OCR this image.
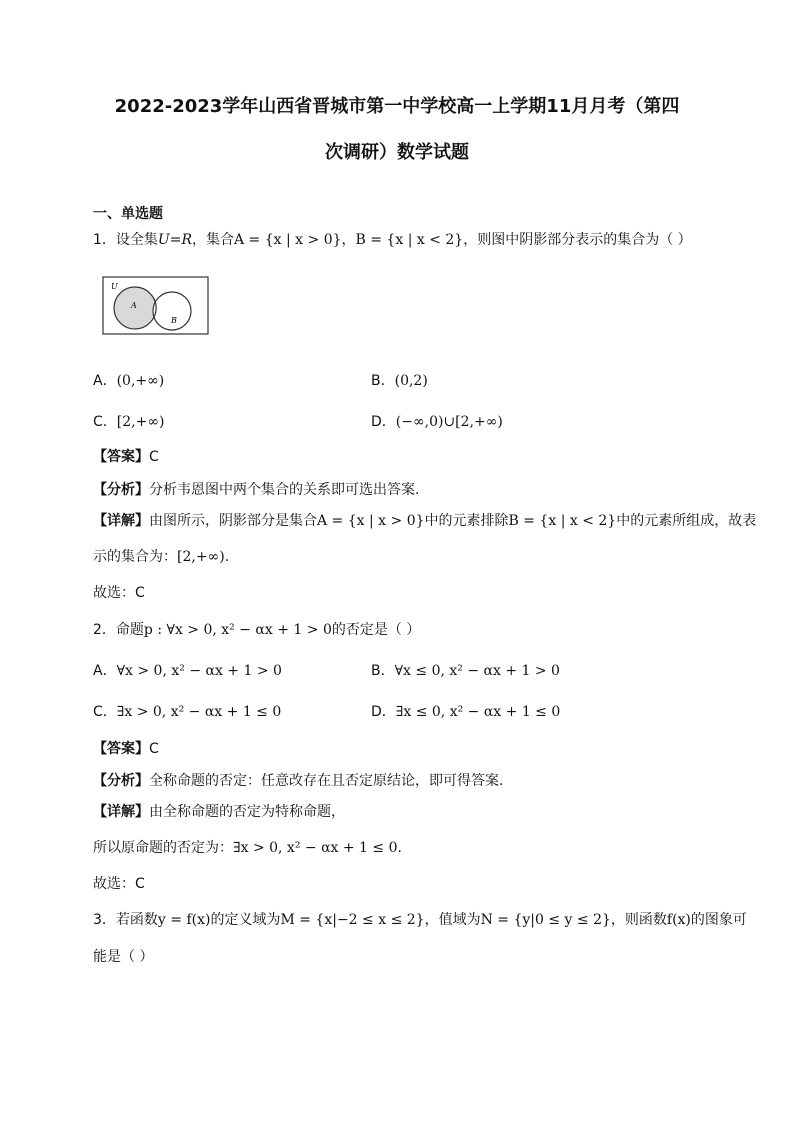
2022-2023学年山西省晋城市第一中学校高一上学期11月月考（第四
次调研）数学试题
一、单选题
1．设全集U=R，集合A = {x | x > 0}，B = {x | x < 2}，则图中阴影部分表示的集合为（ ）
U
A
B
A．(0,+∞)	B．(0,2)
C．[2,+∞)	D．(−∞,0)∪[2,+∞)
【答案】C
【分析】分析韦恩图中两个集合的关系即可选出答案.
【详解】由图所示，阴影部分是集合A = {x | x > 0}中的元素排除B = {x | x < 2}中的元素所组成，故表
示的集合为：[2,+∞).
故选：C
2．命题p : ∀x > 0, x² − αx + 1 > 0的否定是（ ）
A．∀x > 0, x² − αx + 1 > 0	B．∀x ≤ 0, x² − αx + 1 > 0
C．∃x > 0, x² − αx + 1 ≤ 0	D．∃x ≤ 0, x² − αx + 1 ≤ 0
【答案】C
【分析】全称命题的否定：任意改存在且否定原结论，即可得答案.
【详解】由全称命题的否定为特称命题，
所以原命题的否定为：∃x > 0, x² − αx + 1 ≤ 0.
故选：C
3．若函数y = f(x)的定义域为M = {x|−2 ≤ x ≤ 2}，值域为N = {y|0 ≤ y ≤ 2}，则函数f(x)的图象可
能是（ ）
